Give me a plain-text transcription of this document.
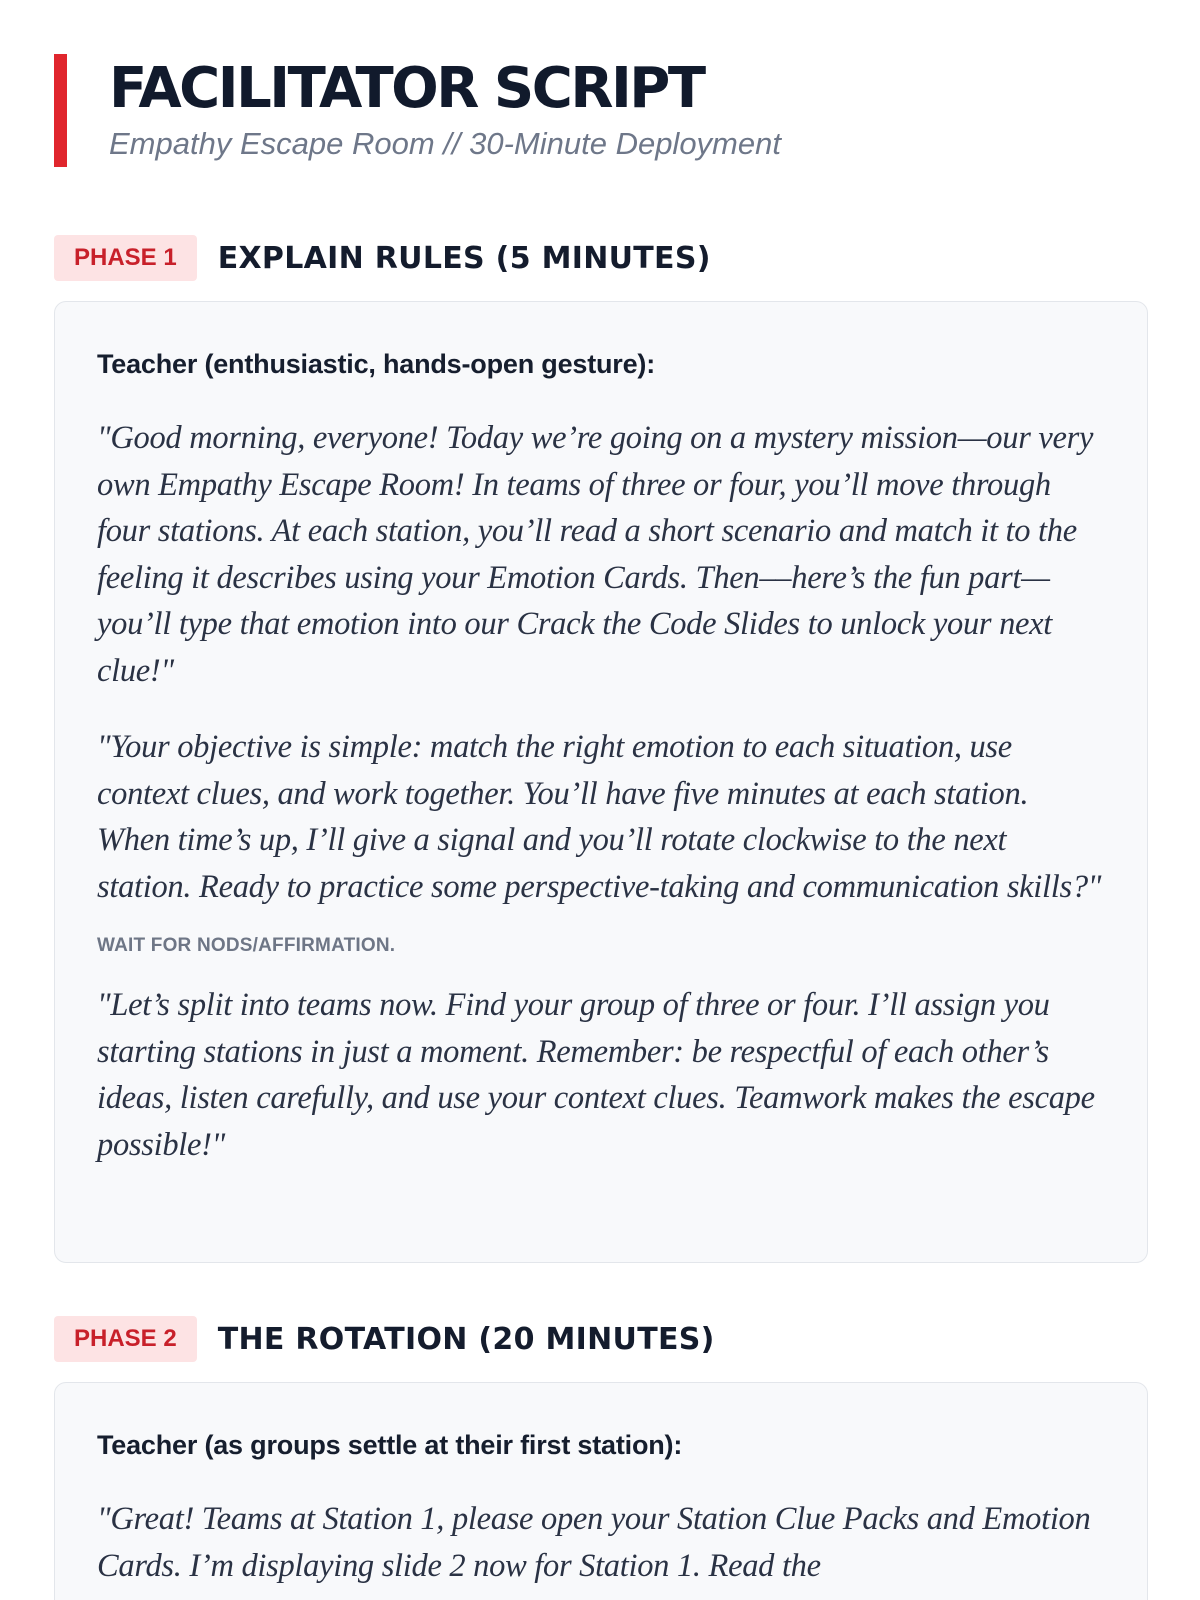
FACILITATOR SCRIPT
Empathy Escape Room // 30-Minute Deployment
PHASE 1	EXPLAIN RULES (5 MINUTES)
Teacher (enthusiastic, hands-open gesture):

"Good morning, everyone! Today we’re going on a mystery mission—our very own Empathy Escape Room! In teams of three or four, you’ll move through four stations. At each station, you’ll read a short scenario and match it to the feeling it describes using your Emotion Cards. Then––here’s the fun part—you’ll type that emotion into our Crack the Code Slides to unlock your next clue!"

"Your objective is simple: match the right emotion to each situation, use context clues, and work together. You’ll have five minutes at each station. When time’s up, I’ll give a signal and you’ll rotate clockwise to the next station. Ready to practice some perspective-taking and communication skills?"

WAIT FOR NODS/AFFIRMATION.

"Let’s split into teams now. Find your group of three or four. I’ll assign you starting stations in just a moment. Remember: be respectful of each other’s ideas, listen carefully, and use your context clues. Teamwork makes the escape possible!"

PHASE 2	THE ROTATION (20 MINUTES)
Teacher (as groups settle at their first station):

"Great! Teams at Station 1, please open your Station Clue Packs and Emotion Cards. I’m displaying slide 2 now for Station 1. Read the
